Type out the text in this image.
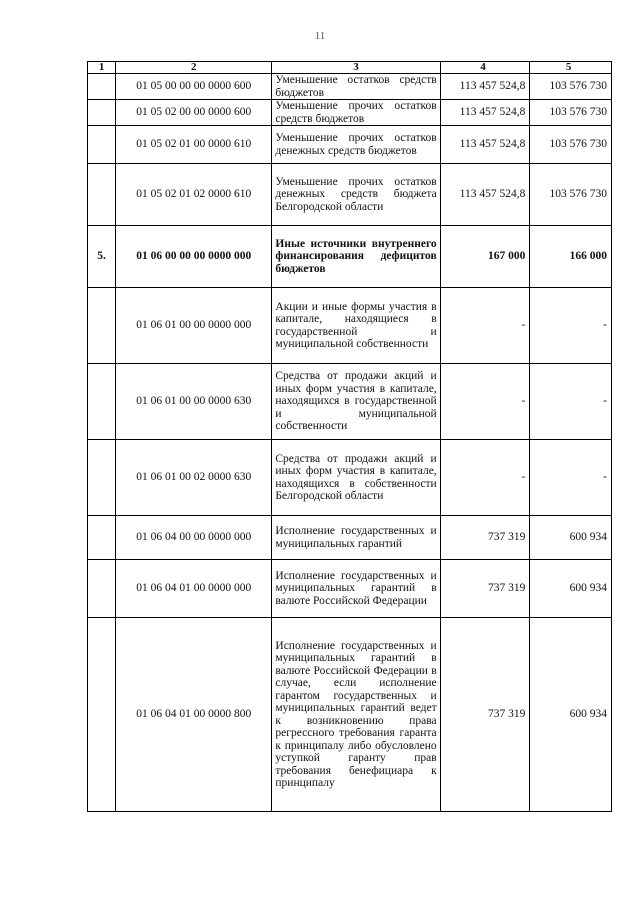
11
1	2	3	4	5
	01 05 00 00 00 0000 600	Уменьшение остатков средств бюджетов	113 457 524,8	103 576 730
	01 05 02 00 00 0000 600	Уменьшение прочих остатков средств бюджетов	113 457 524,8	103 576 730
	01 05 02 01 00 0000 610	Уменьшение прочих остатков денежных средств бюджетов	113 457 524,8	103 576 730
	01 05 02 01 02 0000 610	Уменьшение прочих остатков денежных средств бюджета Белгородской области	113 457 524,8	103 576 730
5.	01 06 00 00 00 0000 000	Иные источники внутреннего финансирования дефицитов бюджетов	167 000	166 000
	01 06 01 00 00 0000 000	Акции и иные формы участия в капитале, находящиеся в государственной и муниципальной собственности	-	-
	01 06 01 00 00 0000 630	Средства от продажи акций и иных форм участия в капитале, находящихся в государственной и муниципальной собственности	-	-
	01 06 01 00 02 0000 630	Средства от продажи акций и иных форм участия в капитале, находящихся в собственности Белгородской области	-	-
	01 06 04 00 00 0000 000	Исполнение государственных и муниципальных гарантий	737 319	600 934
	01 06 04 01 00 0000 000	Исполнение государственных и муниципальных гарантий в валюте Российской Федерации	737 319	600 934
	01 06 04 01 00 0000 800	Исполнение государственных и муниципальных гарантий в валюте Российской Федерации в случае, если исполнение гарантом государственных и муниципальных гарантий ведет к возникновению права регрессного требования гаранта к принципалу либо обусловлено уступкой гаранту прав требования бенефициара к принципалу	737 319	600 934
